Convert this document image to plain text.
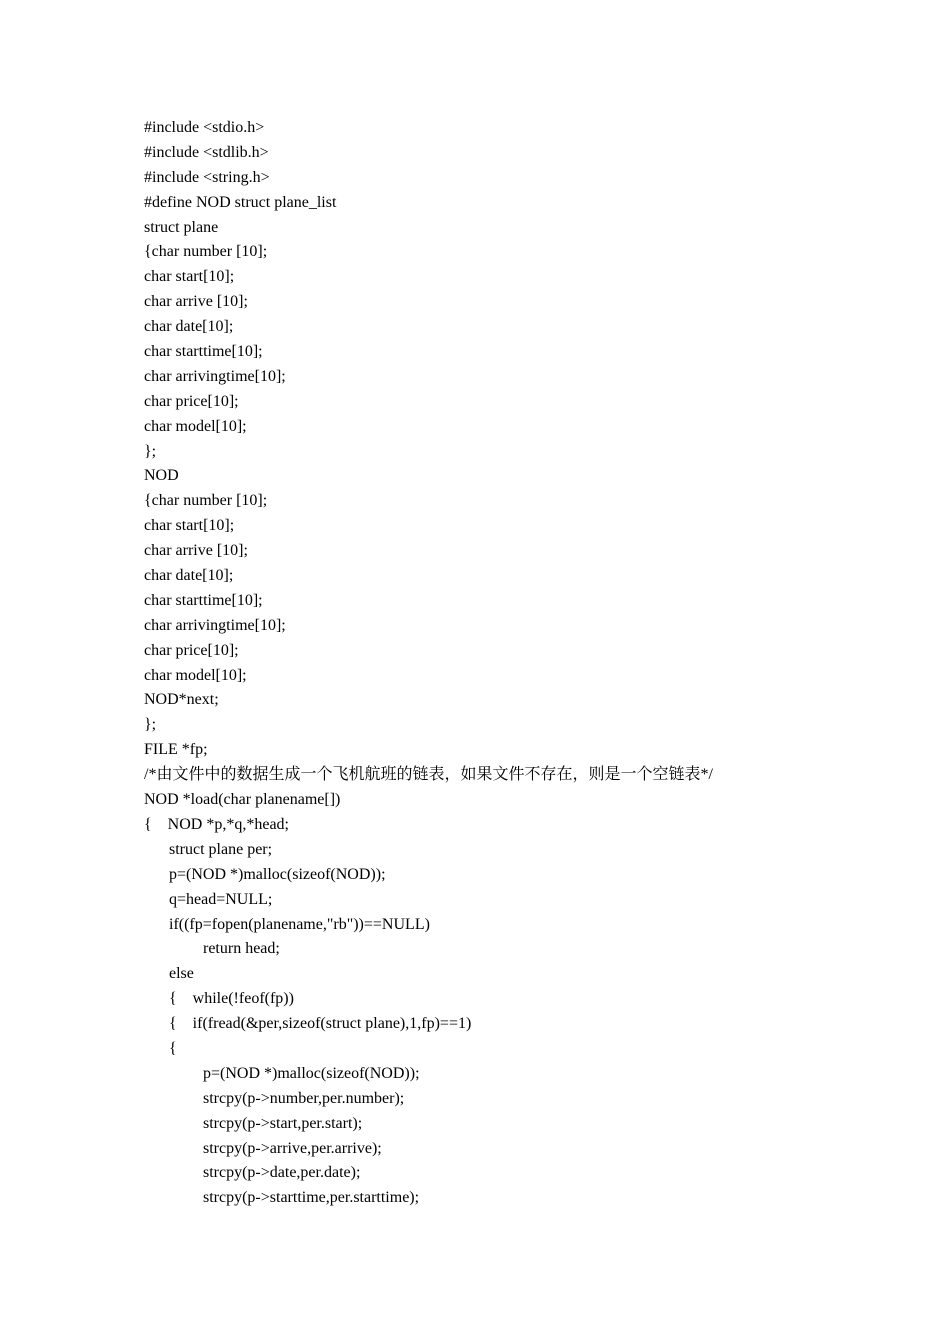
#include <stdio.h>
#include <stdlib.h>
#include <string.h>
#define NOD struct plane_list
struct plane
{char number [10];
char start[10];
char arrive [10];
char date[10];
char starttime[10];
char arrivingtime[10];
char price[10];
char model[10];
};
NOD
{char number [10];
char start[10];
char arrive [10];
char date[10];
char starttime[10];
char arrivingtime[10];
char price[10];
char model[10];
NOD*next;
};
FILE *fp;
/*由文件中的数据生成一个飞机航班的链表，如果文件不存在，则是一个空链表*/
NOD *load(char planename[])
{    NOD *p,*q,*head;
struct plane per;
p=(NOD *)malloc(sizeof(NOD));
q=head=NULL;
if((fp=fopen(planename,"rb"))==NULL)
return head;
else
{    while(!feof(fp))
{    if(fread(&per,sizeof(struct plane),1,fp)==1)
{
p=(NOD *)malloc(sizeof(NOD));
strcpy(p->number,per.number);
strcpy(p->start,per.start);
strcpy(p->arrive,per.arrive);
strcpy(p->date,per.date);
strcpy(p->starttime,per.starttime);
